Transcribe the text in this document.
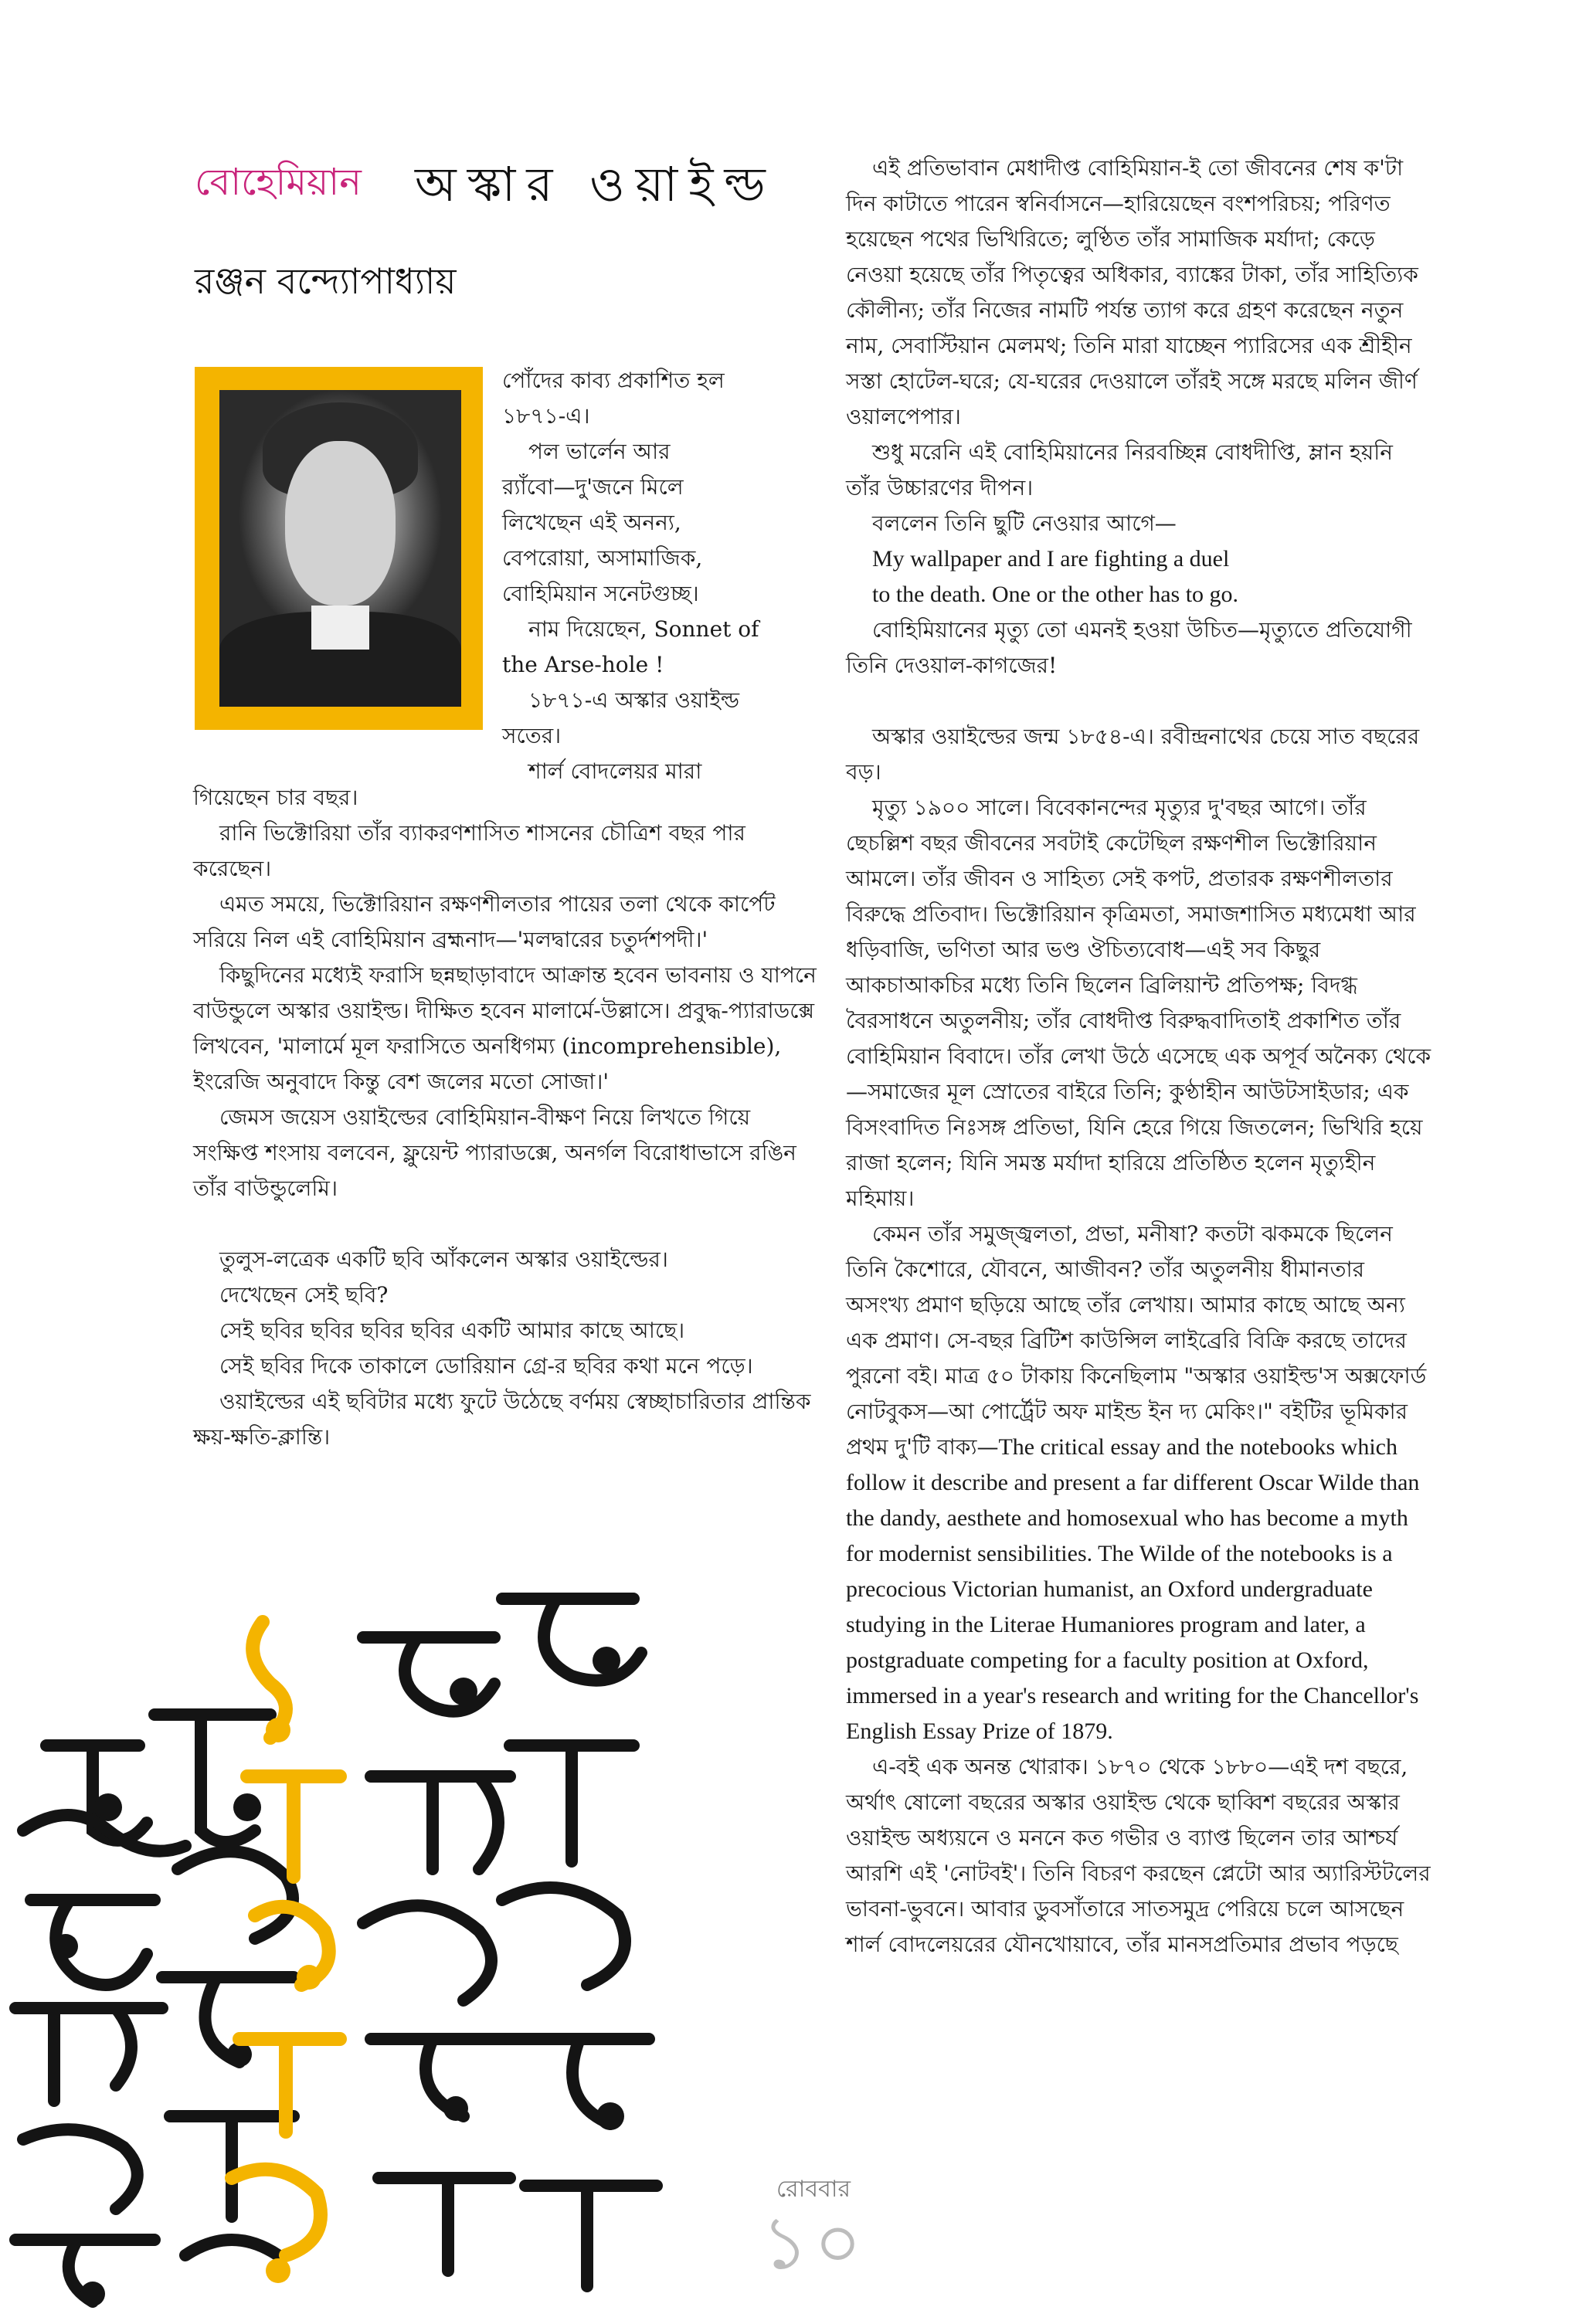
বোহেমিয়ান অস্কার ওয়াইল্ড
রঞ্জন বন্দ্যোপাধ্যায়

পোঁদের কাব্য প্রকাশিত হল

১৮৭১-এ।

পল ভার্লেন আর

র‍্যাঁবো—দু'জনে মিলে

লিখেছেন এই অনন্য,

বেপরোয়া, অসামাজিক,

বোহিমিয়ান সনেটগুচ্ছ।

নাম দিয়েছেন, Sonnet of

the Arse-hole !

১৮৭১-এ অস্কার ওয়াইল্ড

সতের।

শার্ল বোদলেয়র মারা

গিয়েছেন চার বছর।

রানি ভিক্টোরিয়া তাঁর ব্যাকরণশাসিত শাসনের চৌত্রিশ বছর পার করেছেন।

এমত সময়ে, ভিক্টোরিয়ান রক্ষণশীলতার পায়ের তলা থেকে কার্পেট সরিয়ে নিল এই বোহিমিয়ান ব্রহ্মনাদ—'মলদ্বারের চতুর্দশপদী।'

কিছুদিনের মধ্যেই ফরাসি ছন্নছাড়াবাদে আক্রান্ত হবেন ভাবনায় ও যাপনে বাউন্ডুলে অস্কার ওয়াইল্ড। দীক্ষিত হবেন মালার্মে-উল্লাসে। প্রবুদ্ধ-প্যারাডক্সে লিখবেন, 'মালার্মে মূল ফরাসিতে অনধিগম্য (incomprehensible), ইংরেজি অনুবাদে কিন্তু বেশ জলের মতো সোজা।'

জেমস জয়েস ওয়াইল্ডের বোহিমিয়ান-বীক্ষণ নিয়ে লিখতে গিয়ে সংক্ষিপ্ত শংসায় বলবেন, ফ্লুয়েন্ট প্যারাডক্সে, অনর্গল বিরোধাভাসে রঙিন তাঁর বাউন্ডুলেমি।

তুলুস-লত্রেক একটি ছবি আঁকলেন অস্কার ওয়াইল্ডের।

দেখেছেন সেই ছবি?

সেই ছবির ছবির ছবির ছবির একটি আমার কাছে আছে।

সেই ছবির দিকে তাকালে ডোরিয়ান গ্রে-র ছবির কথা মনে পড়ে।

ওয়াইল্ডের এই ছবিটার মধ্যে ফুটে উঠেছে বর্ণময় স্বেচ্ছাচারিতার প্রান্তিক ক্ষয়-ক্ষতি-ক্লান্তি।

এই প্রতিভাবান মেধাদীপ্ত বোহিমিয়ান-ই তো জীবনের শেষ ক'টা দিন কাটাতে পারেন স্বনির্বাসনে—হারিয়েছেন বংশপরিচয়; পরিণত হয়েছেন পথের ভিখিরিতে; লুণ্ঠিত তাঁর সামাজিক মর্যাদা; কেড়ে নেওয়া হয়েছে তাঁর পিতৃত্বের অধিকার, ব্যাঙ্কের টাকা, তাঁর সাহিত্যিক কৌলীন্য; তাঁর নিজের নামটি পর্যন্ত ত্যাগ করে গ্রহণ করেছেন নতুন নাম, সেবাস্টিয়ান মেলমথ; তিনি মারা যাচ্ছেন প্যারিসের এক শ্রীহীন সস্তা হোটেল-ঘরে; যে-ঘরের দেওয়ালে তাঁরই সঙ্গে মরছে মলিন জীর্ণ ওয়ালপেপার।

শুধু মরেনি এই বোহিমিয়ানের নিরবচ্ছিন্ন বোধদীপ্তি, ম্লান হয়নি তাঁর উচ্চারণের দীপন।

বললেন তিনি ছুটি নেওয়ার আগে—

My wallpaper and I are fighting a duel

to the death. One or the other has to go.

বোহিমিয়ানের মৃত্যু তো এমনই হওয়া উচিত—মৃত্যুতে প্রতিযোগী তিনি দেওয়াল-কাগজের!

অস্কার ওয়াইল্ডের জন্ম ১৮৫৪-এ। রবীন্দ্রনাথের চেয়ে সাত বছরের বড়।

মৃত্যু ১৯০০ সালে। বিবেকানন্দের মৃত্যুর দু'বছর আগে। তাঁর ছেচল্লিশ বছর জীবনের সবটাই কেটেছিল রক্ষণশীল ভিক্টোরিয়ান আমলে। তাঁর জীবন ও সাহিত্য সেই কপট, প্রতারক রক্ষণশীলতার বিরুদ্ধে প্রতিবাদ। ভিক্টোরিয়ান কৃত্রিমতা, সমাজশাসিত মধ্যমেধা আর ধড়িবাজি, ভণিতা আর ভণ্ড ঔচিত্যবোধ—এই সব কিছুর আকচাআকচির মধ্যে তিনি ছিলেন ব্রিলিয়ান্ট প্রতিপক্ষ; বিদগ্ধ বৈরসাধনে অতুলনীয়; তাঁর বোধদীপ্ত বিরুদ্ধবাদিতাই প্রকাশিত তাঁর বোহিমিয়ান বিবাদে। তাঁর লেখা উঠে এসেছে এক অপূর্ব অনৈক্য থেকে—সমাজের মূল স্রোতের বাইরে তিনি; কুণ্ঠাহীন আউটসাইডার; এক বিসংবাদিত নিঃসঙ্গ প্রতিভা, যিনি হেরে গিয়ে জিতলেন; ভিখিরি হয়ে রাজা হলেন; যিনি সমস্ত মর্যাদা হারিয়ে প্রতিষ্ঠিত হলেন মৃত্যুহীন মহিমায়।

কেমন তাঁর সমুজ্জ্বলতা, প্রভা, মনীষা? কতটা ঝকমকে ছিলেন তিনি কৈশোরে, যৌবনে, আজীবন? তাঁর অতুলনীয় ধীমানতার অসংখ্য প্রমাণ ছড়িয়ে আছে তাঁর লেখায়। আমার কাছে আছে অন্য এক প্রমাণ। সে-বছর ব্রিটিশ কাউন্সিল লাইব্রেরি বিক্রি করছে তাদের পুরনো বই। মাত্র ৫০ টাকায় কিনেছিলাম "অস্কার ওয়াইল্ড'স অক্সফোর্ড নোটবুকস—আ পোর্ট্রেট অফ মাইন্ড ইন দ্য মেকিং।" বইটির ভূমিকার প্রথম দু'টি বাক্য—The critical essay and the notebooks which follow it describe and present a far different Oscar Wilde than the dandy, aesthete and homosexual who has become a myth for modernist sensibilities. The Wilde of the notebooks is a precocious Victorian humanist, an Oxford undergraduate studying in the Literae Humaniores program and later, a postgraduate competing for a faculty position at Oxford, immersed in a year's research and writing for the Chancellor's English Essay Prize of 1879.

এ-বই এক অনন্ত খোরাক। ১৮৭০ থেকে ১৮৮০—এই দশ বছরে, অর্থাৎ ষোলো বছরের অস্কার ওয়াইল্ড থেকে ছাব্বিশ বছরের অস্কার ওয়াইল্ড অধ্যয়নে ও মননে কত গভীর ও ব্যাপ্ত ছিলেন তার আশ্চর্য আরশি এই 'নোটবই'। তিনি বিচরণ করছেন প্লেটো আর অ্যারিস্টটলের ভাবনা-ভুবনে। আবার ডুবসাঁতারে সাতসমুদ্র পেরিয়ে চলে আসছেন শার্ল বোদলেয়রের যৌনখোয়াবে, তাঁর মানসপ্রতিমার প্রভাব পড়ছে

রোববার
১০
